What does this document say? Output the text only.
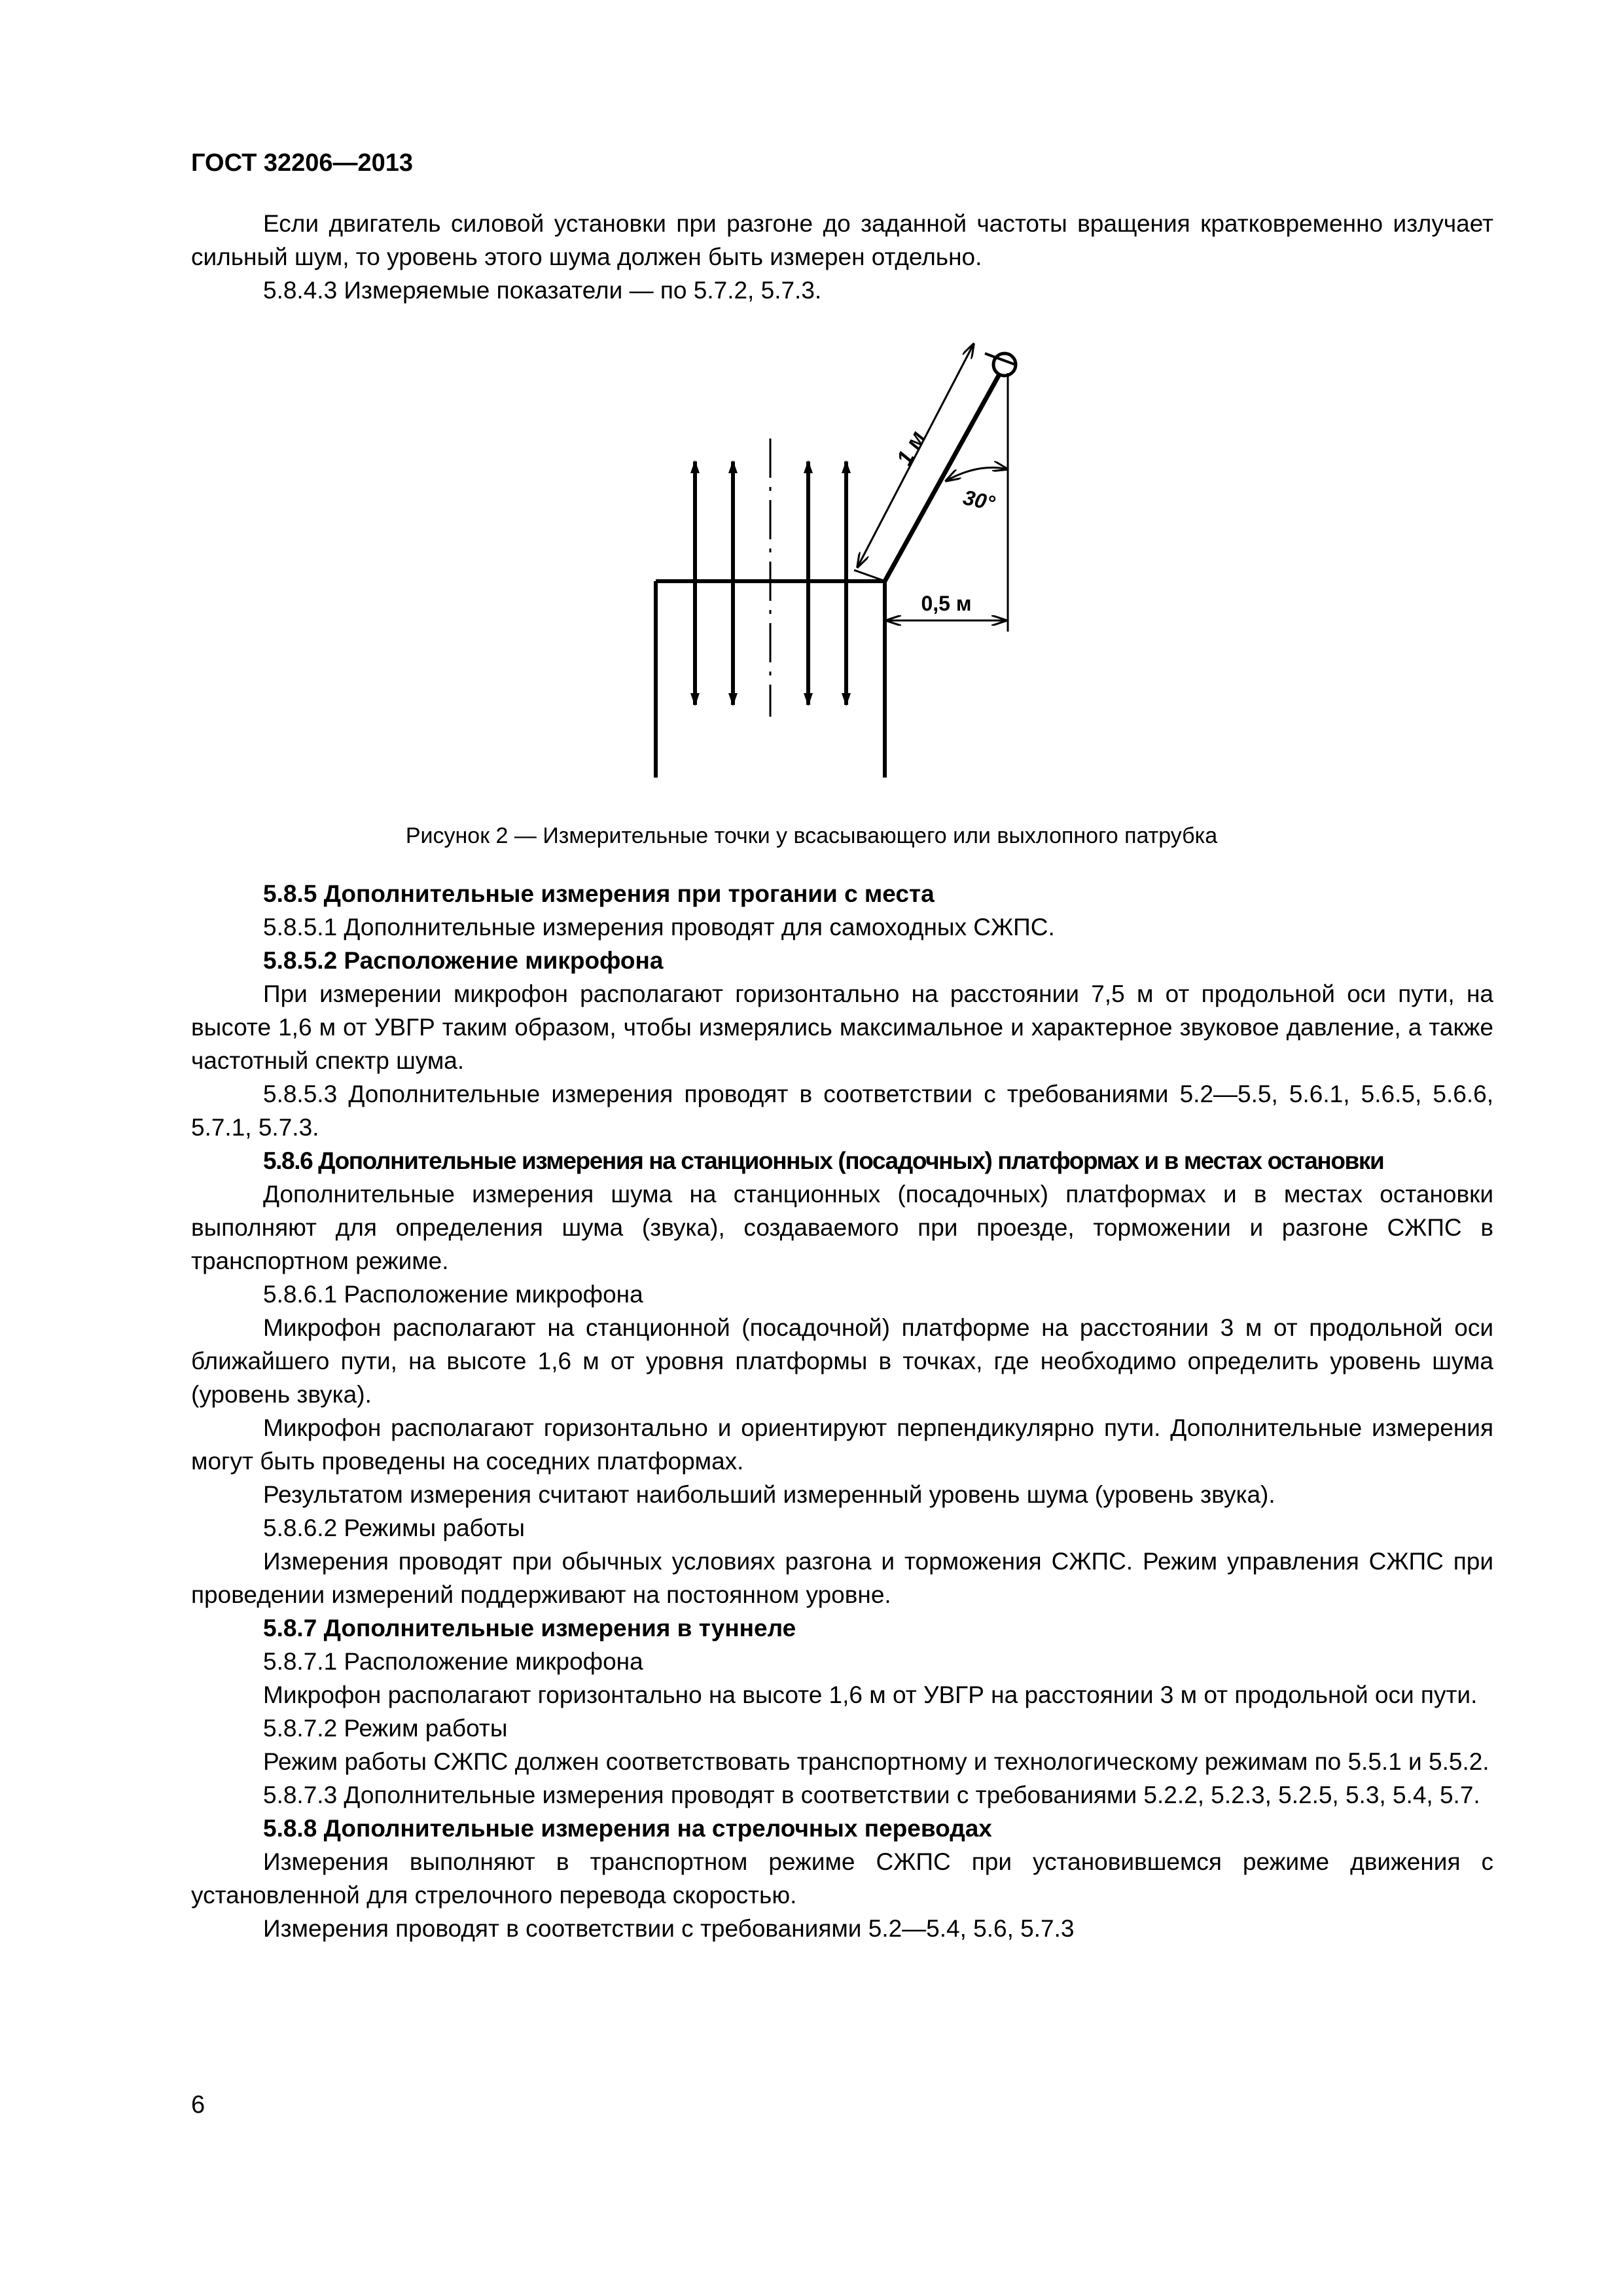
ГОСТ 32206—2013

Если двигатель силовой установки при разгоне до заданной частоты вращения кратковременно излучает сильный шум, то уровень этого шума должен быть измерен отдельно.

5.8.4.3 Измеряемые показатели — по 5.7.2, 5.7.3.

1 м
30°
0,5 м
Рисунок 2 — Измерительные точки у всасывающего или выхлопного патрубка

5.8.5 Дополнительные измерения при трогании с места

5.8.5.1 Дополнительные измерения проводят для самоходных СЖПС.

5.8.5.2 Расположение микрофона

При измерении микрофон располагают горизонтально на расстоянии 7,5 м от продольной оси пути, на высоте 1,6 м от УВГР таким образом, чтобы измерялись максимальное и характерное звуковое давление, а также частотный спектр шума.

5.8.5.3 Дополнительные измерения проводят в соответствии с требованиями 5.2—5.5, 5.6.1, 5.6.5, 5.6.6, 5.7.1, 5.7.3.

5.8.6 Дополнительные измерения на станционных (посадочных) платформах и в местах остановки

Дополнительные измерения шума на станционных (посадочных) платформах и в местах остановки выполняют для определения шума (звука), создаваемого при проезде, торможении и разгоне СЖПС в транспортном режиме.

5.8.6.1 Расположение микрофона

Микрофон располагают на станционной (посадочной) платформе на расстоянии 3 м от продольной оси ближайшего пути, на высоте 1,6 м от уровня платформы в точках, где необходимо определить уровень шума (уровень звука).

Микрофон располагают горизонтально и ориентируют перпендикулярно пути. Дополнительные измерения могут быть проведены на соседних платформах.

Результатом измерения считают наибольший измеренный уровень шума (уровень звука).

5.8.6.2 Режимы работы

Измерения проводят при обычных условиях разгона и торможения СЖПС. Режим управления СЖПС при проведении измерений поддерживают на постоянном уровне.

5.8.7 Дополнительные измерения в туннеле

5.8.7.1 Расположение микрофона

Микрофон располагают горизонтально на высоте 1,6 м от УВГР на расстоянии 3 м от продольной оси пути.

5.8.7.2 Режим работы

Режим работы СЖПС должен соответствовать транспортному и технологическому режимам по 5.5.1 и 5.5.2.

5.8.7.3 Дополнительные измерения проводят в соответствии с требованиями 5.2.2, 5.2.3, 5.2.5, 5.3, 5.4, 5.7.

5.8.8 Дополнительные измерения на стрелочных переводах

Измерения выполняют в транспортном режиме СЖПС при установившемся режиме движения с установленной для стрелочного перевода скоростью.

Измерения проводят в соответствии с требованиями 5.2—5.4, 5.6, 5.7.3

6
